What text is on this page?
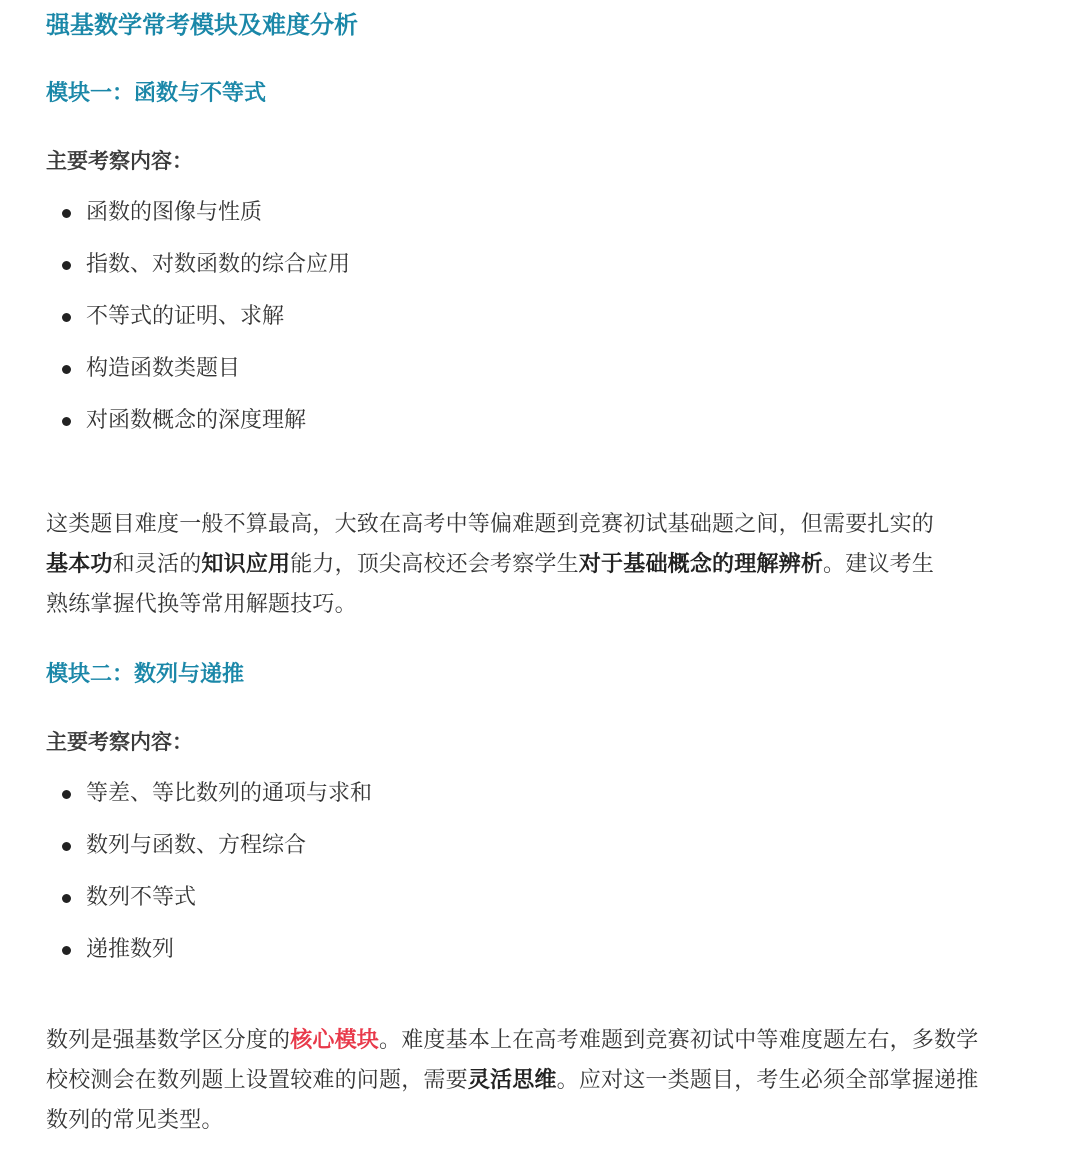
强基数学常考模块及难度分析
模块一：函数与不等式
主要考察内容：
函数的图像与性质
指数、对数函数的综合应用
不等式的证明、求解
构造函数类题目
对函数概念的深度理解

这类题目难度一般不算最高，大致在高考中等偏难题到竞赛初试基础题之间，但需要扎实的
基本功和灵活的知识应用能力，顶尖高校还会考察学生对于基础概念的理解辨析。建议考生
熟练掌握代换等常用解题技巧。

模块二：数列与递推
主要考察内容：
等差、等比数列的通项与求和
数列与函数、方程综合
数列不等式
递推数列

数列是强基数学区分度的核心模块。难度基本上在高考难题到竞赛初试中等难度题左右，多数学
校校测会在数列题上设置较难的问题，需要灵活思维。应对这一类题目，考生必须全部掌握递推
数列的常见类型。
